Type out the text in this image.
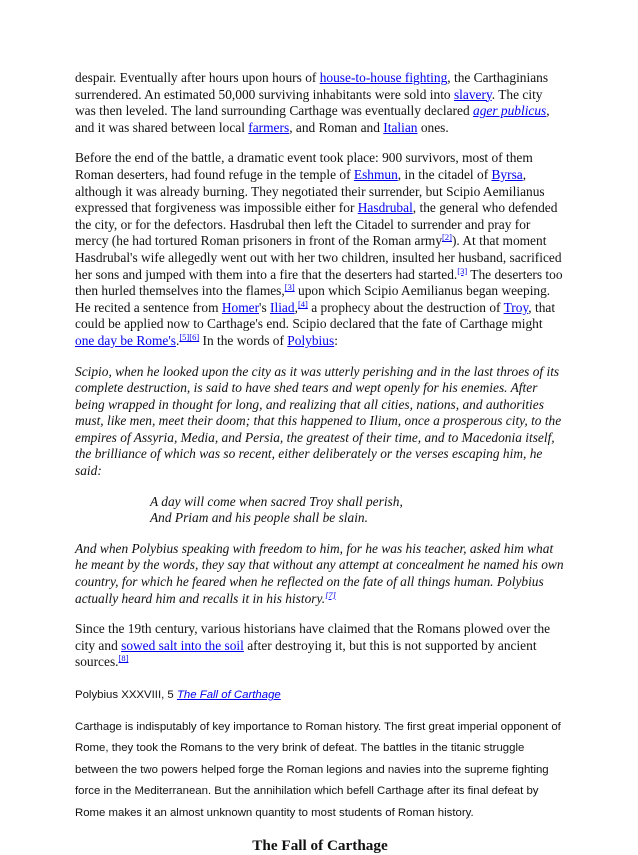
despair. Eventually after hours upon hours of house-to-house fighting, the Carthaginians surrendered. An estimated 50,000 surviving inhabitants were sold into slavery. The city was then leveled. The land surrounding Carthage was eventually declared ager publicus, and it was shared between local farmers, and Roman and Italian ones.

Before the end of the battle, a dramatic event took place: 900 survivors, most of them Roman deserters, had found refuge in the temple of Eshmun, in the citadel of Byrsa, although it was already burning. They negotiated their surrender, but Scipio Aemilianus expressed that forgiveness was impossible either for Hasdrubal, the general who defended the city, or for the defectors. Hasdrubal then left the Citadel to surrender and pray for mercy (he had tortured Roman prisoners in front of the Roman army[2]). At that moment Hasdrubal's wife allegedly went out with her two children, insulted her husband, sacrificed her sons and jumped with them into a fire that the deserters had started.[3] The deserters too then hurled themselves into the flames,[3] upon which Scipio Aemilianus began weeping. He recited a sentence from Homer's Iliad,[4] a prophecy about the destruction of Troy, that could be applied now to Carthage's end. Scipio declared that the fate of Carthage might one day be Rome's.[5][6] In the words of Polybius:

Scipio, when he looked upon the city as it was utterly perishing and in the last throes of its complete destruction, is said to have shed tears and wept openly for his enemies. After being wrapped in thought for long, and realizing that all cities, nations, and authorities must, like men, meet their doom; that this happened to Ilium, once a prosperous city, to the empires of Assyria, Media, and Persia, the greatest of their time, and to Macedonia itself, the brilliance of which was so recent, either deliberately or the verses escaping him, he said:

A day will come when sacred Troy shall perish,
And Priam and his people shall be slain.

And when Polybius speaking with freedom to him, for he was his teacher, asked him what he meant by the words, they say that without any attempt at concealment he named his own country, for which he feared when he reflected on the fate of all things human. Polybius actually heard him and recalls it in his history.[7]

Since the 19th century, various historians have claimed that the Romans plowed over the city and sowed salt into the soil after destroying it, but this is not supported by ancient sources.[8]

Polybius XXXVIII, 5 The Fall of Carthage

Carthage is indisputably of key importance to Roman history. The first great imperial opponent of Rome, they took the Romans to the very brink of defeat. The battles in the titanic struggle between the two powers helped forge the Roman legions and navies into the supreme fighting force in the Mediterranean. But the annihilation which befell Carthage after its final defeat by Rome makes it an almost unknown quantity to most students of Roman history.

The Fall of Carthage
